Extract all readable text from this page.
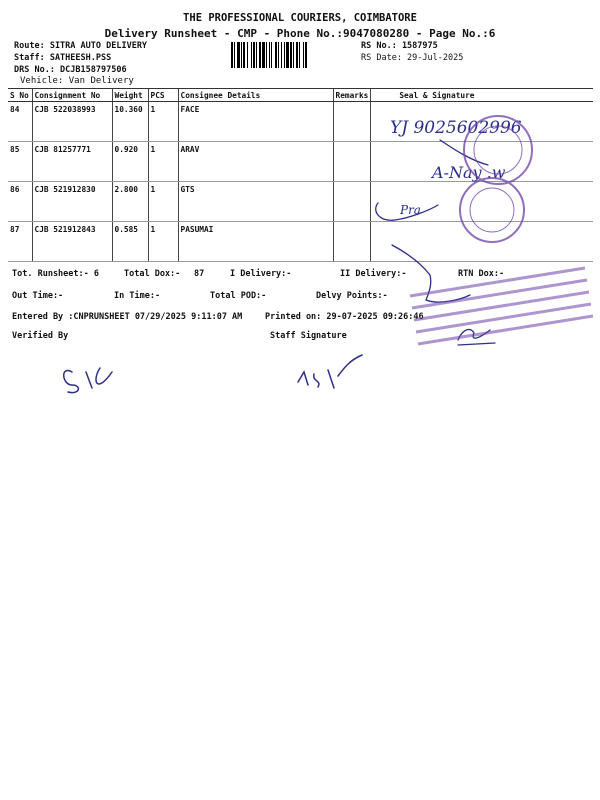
THE PROFESSIONAL COURIERS, COIMBATORE
Delivery Runsheet - CMP - Phone No.:9047080280 - Page No.:6
Route: SITRA AUTO DELIVERY
Staff: SATHEESH.PSS
DRS No.: DCJB158797506
Vehicle: Van Delivery
RS No.: 1587975
RS Date: 29-Jul-2025
S No	Consignment No	Weight	PCS	Consignee Details	Remarks	Seal & Signature
84	CJB 522038993	10.360	1	FACE		
85	CJB 81257771	0.920	1	ARAV		
86	CJB 521912830	2.800	1	GTS		
87	CJB 521912843	0.585	1	PASUMAI		
Tot. Runsheet:- 6	Total Dox:- 87	I Delivery:-	II Delivery:-	RTN Dox:-
Out Time:-	In Time:-	Total POD:-	Delvy Points:-
Entered By :CNPRUNSHEET 07/29/2025 9:11:07 AM	Printed on: 29-07-2025 09:26:46
Verified By	Staff Signature
YJ 9025602996
A-Nay .w
Pra
